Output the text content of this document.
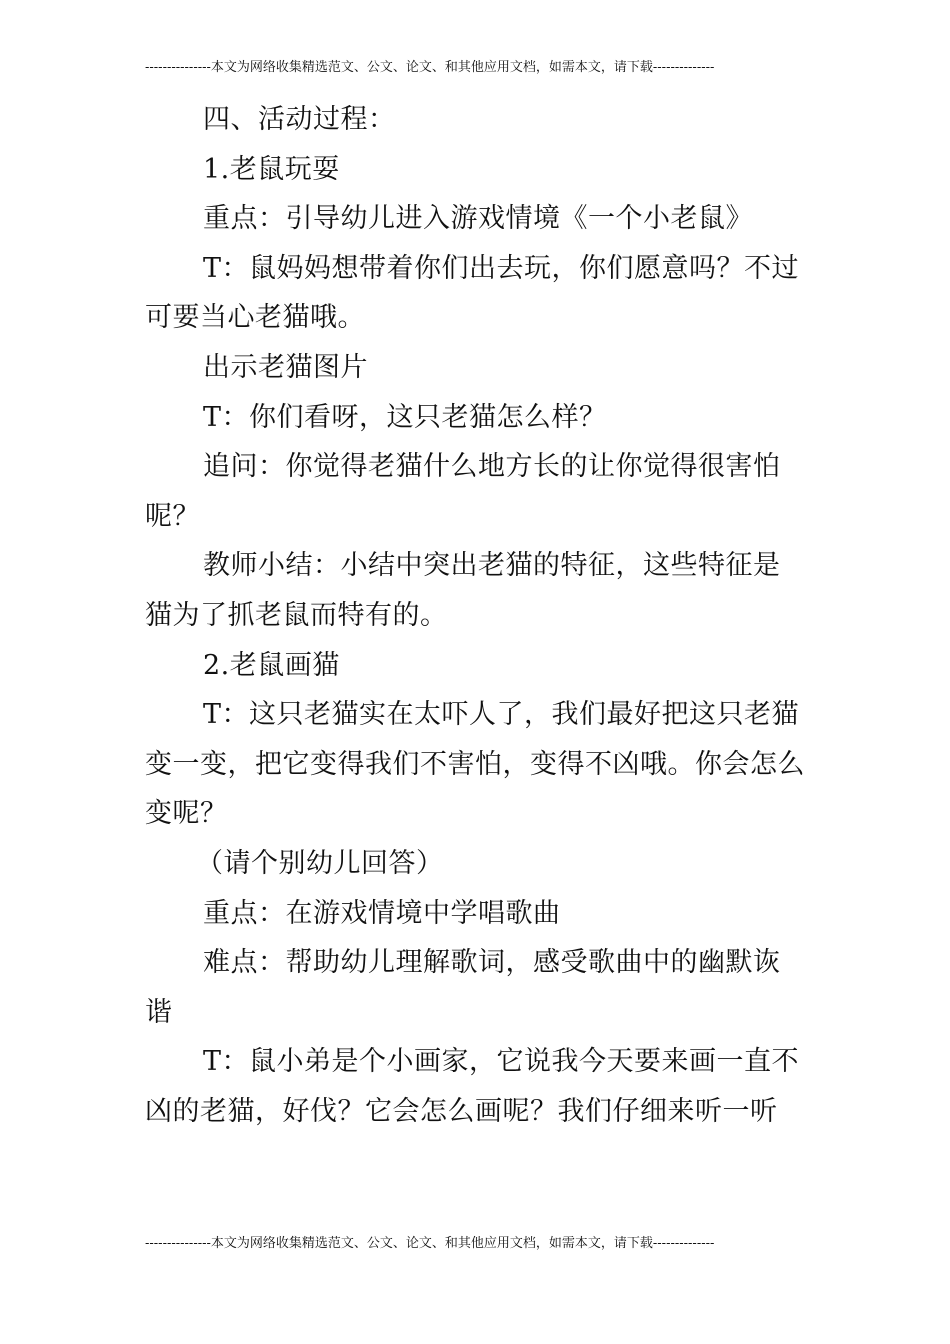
---------------本文为网络收集精选范文、公文、论文、和其他应用文档，如需本文，请下载--------------

四、活动过程：

1.老鼠玩耍

重点：引导幼儿进入游戏情境《一个小老鼠》

T：鼠妈妈想带着你们出去玩，你们愿意吗？不过可要当心老猫哦。

出示老猫图片

T：你们看呀，这只老猫怎么样？

追问：你觉得老猫什么地方长的让你觉得很害怕呢？

教师小结：小结中突出老猫的特征，这些特征是猫为了抓老鼠而特有的。

2.老鼠画猫

T：这只老猫实在太吓人了，我们最好把这只老猫变一变，把它变得我们不害怕，变得不凶哦。你会怎么变呢？

（请个别幼儿回答）

重点：在游戏情境中学唱歌曲

难点：帮助幼儿理解歌词，感受歌曲中的幽默诙谐

T：鼠小弟是个小画家，它说我今天要来画一直不凶的老猫，好伐？它会怎么画呢？我们仔细来听一听

---------------本文为网络收集精选范文、公文、论文、和其他应用文档，如需本文，请下载--------------
